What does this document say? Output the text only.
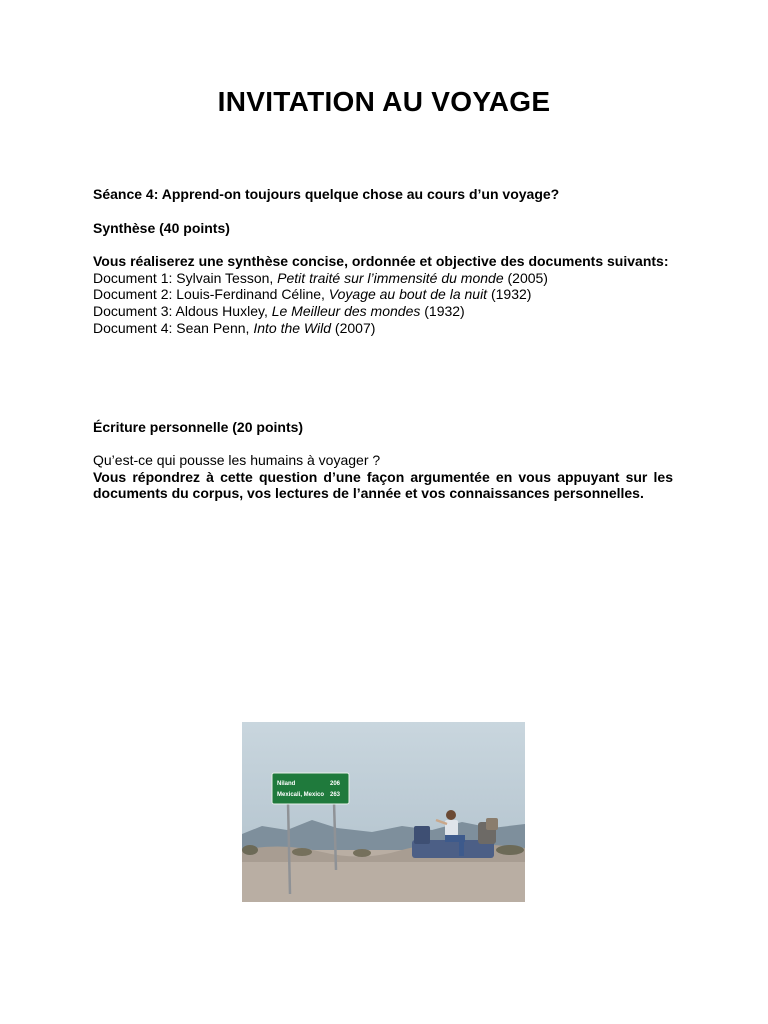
INVITATION AU VOYAGE

Séance 4: Apprend-on toujours quelque chose au cours d’un voyage?

Synthèse (40 points)

Vous réaliserez une synthèse concise, ordonnée et objective des documents suivants:

Document 1: Sylvain Tesson, Petit traité sur l’immensité du monde (2005)

Document 2: Louis-Ferdinand Céline, Voyage au bout de la nuit (1932)

Document 3: Aldous Huxley, Le Meilleur des mondes (1932)

Document 4: Sean Penn, Into the Wild (2007)

Écriture personnelle (20 points)

Qu’est-ce qui pousse les humains à voyager ?

Vous répondrez à cette question d’une façon argumentée en vous appuyant sur les documents du corpus, vos lectures de l’année et vos connaissances personnelles.

Niland	206
Mexicali, Mexico 263
